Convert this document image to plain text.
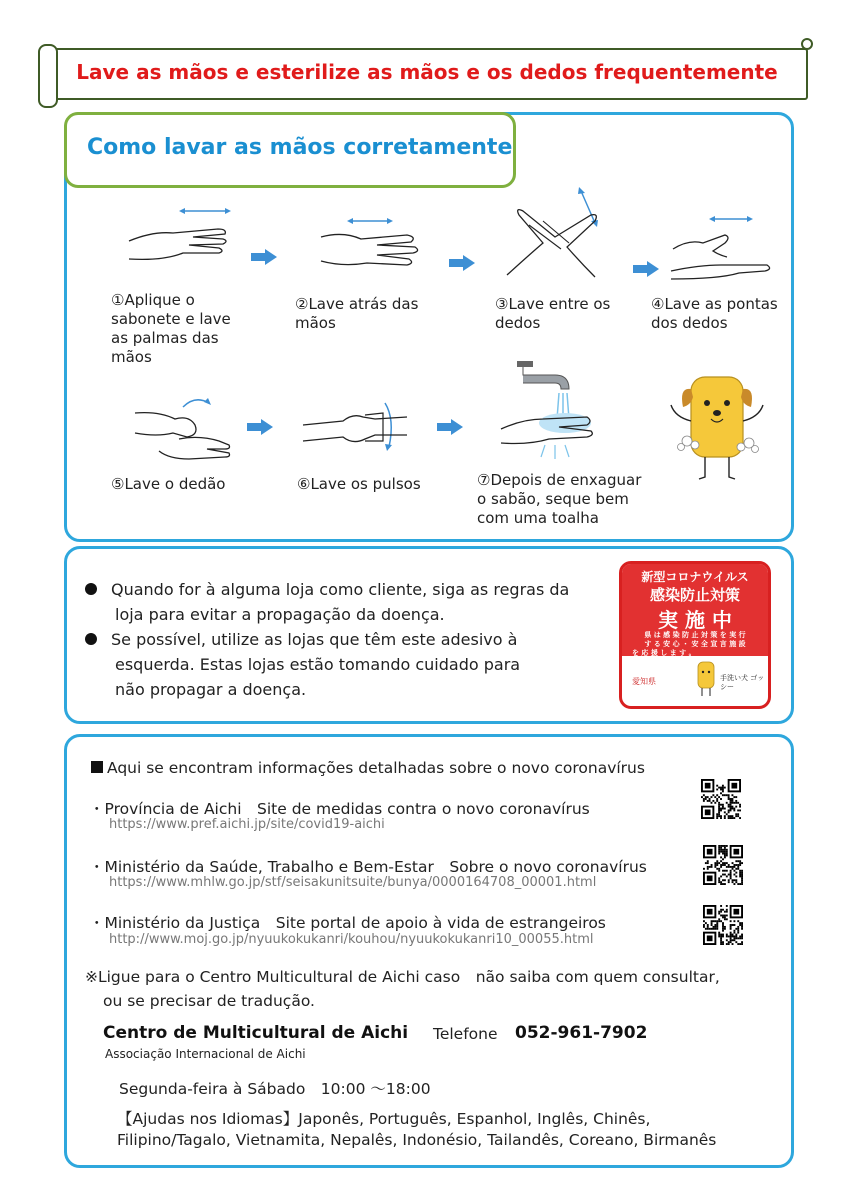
Lave as mãos e esterilize as mãos e os dedos frequentemente
Como lavar as mãos corretamente
①Aplique o
sabonete e lave
as palmas das
mãos
②Lave atrás das
mãos
③Lave entre os
dedos
④Lave as pontas
dos dedos
⑤Lave o dedão	⑥Lave os pulsos	⑦Depois de enxaguar
o sabão, seque bem
com uma toalha
Quando for à alguma loja como cliente, siga as regras da
loja para evitar a propagação da doença.
Se possível, utilize as lojas que têm este adesivo à
esquerda. Estas lojas estão tomando cuidado para
não propagar a doença.
新型コロナウイルス
感染防止対策
実 施 中
県 は 感 染 防 止 対 策 を 実 行
す る 安 心 ・ 安 全 宣 言 施 設
を 応 援 し ま す 。
愛知県	手洗い犬 ゴッシー
Aqui se encontram informações detalhadas sobre o novo coronavírus
・Província de Aichi　Site de medidas contra o novo coronavírus
https://www.pref.aichi.jp/site/covid19-aichi
・Ministério da Saúde, Trabalho e Bem-Estar　Sobre o novo coronavírus
https://www.mhlw.go.jp/stf/seisakunitsuite/bunya/0000164708_00001.html
・Ministério da Justiça　Site portal de apoio à vida de estrangeiros
http://www.moj.go.jp/nyuukokukanri/kouhou/nyuukokukanri10_00055.html
※Ligue para o Centro Multicultural de Aichi caso　não saiba com quem consultar,
ou se precisar de tradução.
Centro de Multicultural de Aichi Telefone 052-961-7902
Associação Internacional de Aichi
Segunda-feira à Sábado　10:00 ～18:00
【Ajudas nos Idiomas】Japonês, Português, Espanhol, Inglês, Chinês,
Filipino/Tagalo, Vietnamita, Nepalês, Indonésio, Tailandês, Coreano, Birmanês
